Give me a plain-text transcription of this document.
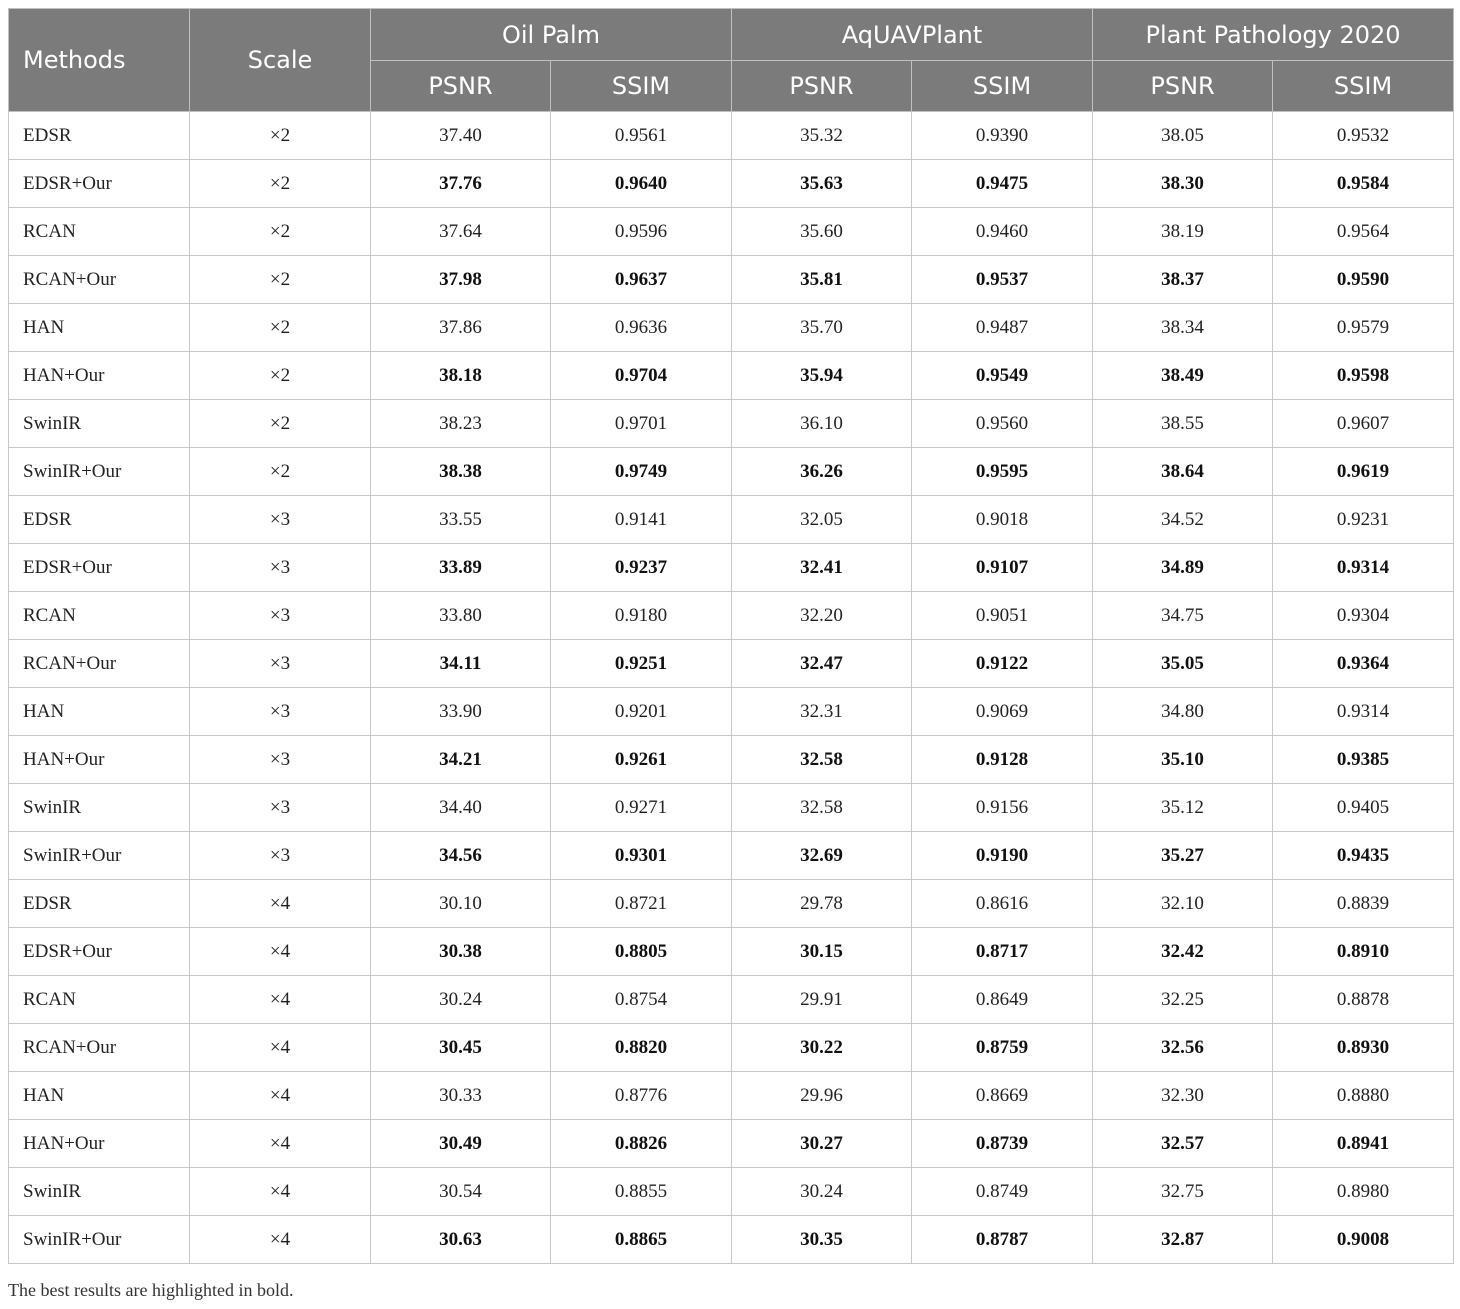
Methods	Scale	Oil Palm		AqUAVPlant		Plant Pathology 2020	
		PSNR	SSIM	PSNR	SSIM	PSNR	SSIM
EDSR	×2	37.40	0.9561	35.32	0.9390	38.05	0.9532
EDSR+Our	×2	37.76	0.9640	35.63	0.9475	38.30	0.9584
RCAN	×2	37.64	0.9596	35.60	0.9460	38.19	0.9564
RCAN+Our	×2	37.98	0.9637	35.81	0.9537	38.37	0.9590
HAN	×2	37.86	0.9636	35.70	0.9487	38.34	0.9579
HAN+Our	×2	38.18	0.9704	35.94	0.9549	38.49	0.9598
SwinIR	×2	38.23	0.9701	36.10	0.9560	38.55	0.9607
SwinIR+Our	×2	38.38	0.9749	36.26	0.9595	38.64	0.9619
EDSR	×3	33.55	0.9141	32.05	0.9018	34.52	0.9231
EDSR+Our	×3	33.89	0.9237	32.41	0.9107	34.89	0.9314
RCAN	×3	33.80	0.9180	32.20	0.9051	34.75	0.9304
RCAN+Our	×3	34.11	0.9251	32.47	0.9122	35.05	0.9364
HAN	×3	33.90	0.9201	32.31	0.9069	34.80	0.9314
HAN+Our	×3	34.21	0.9261	32.58	0.9128	35.10	0.9385
SwinIR	×3	34.40	0.9271	32.58	0.9156	35.12	0.9405
SwinIR+Our	×3	34.56	0.9301	32.69	0.9190	35.27	0.9435
EDSR	×4	30.10	0.8721	29.78	0.8616	32.10	0.8839
EDSR+Our	×4	30.38	0.8805	30.15	0.8717	32.42	0.8910
RCAN	×4	30.24	0.8754	29.91	0.8649	32.25	0.8878
RCAN+Our	×4	30.45	0.8820	30.22	0.8759	32.56	0.8930
HAN	×4	30.33	0.8776	29.96	0.8669	32.30	0.8880
HAN+Our	×4	30.49	0.8826	30.27	0.8739	32.57	0.8941
SwinIR	×4	30.54	0.8855	30.24	0.8749	32.75	0.8980
SwinIR+Our	×4	30.63	0.8865	30.35	0.8787	32.87	0.9008

The best results are highlighted in bold.
